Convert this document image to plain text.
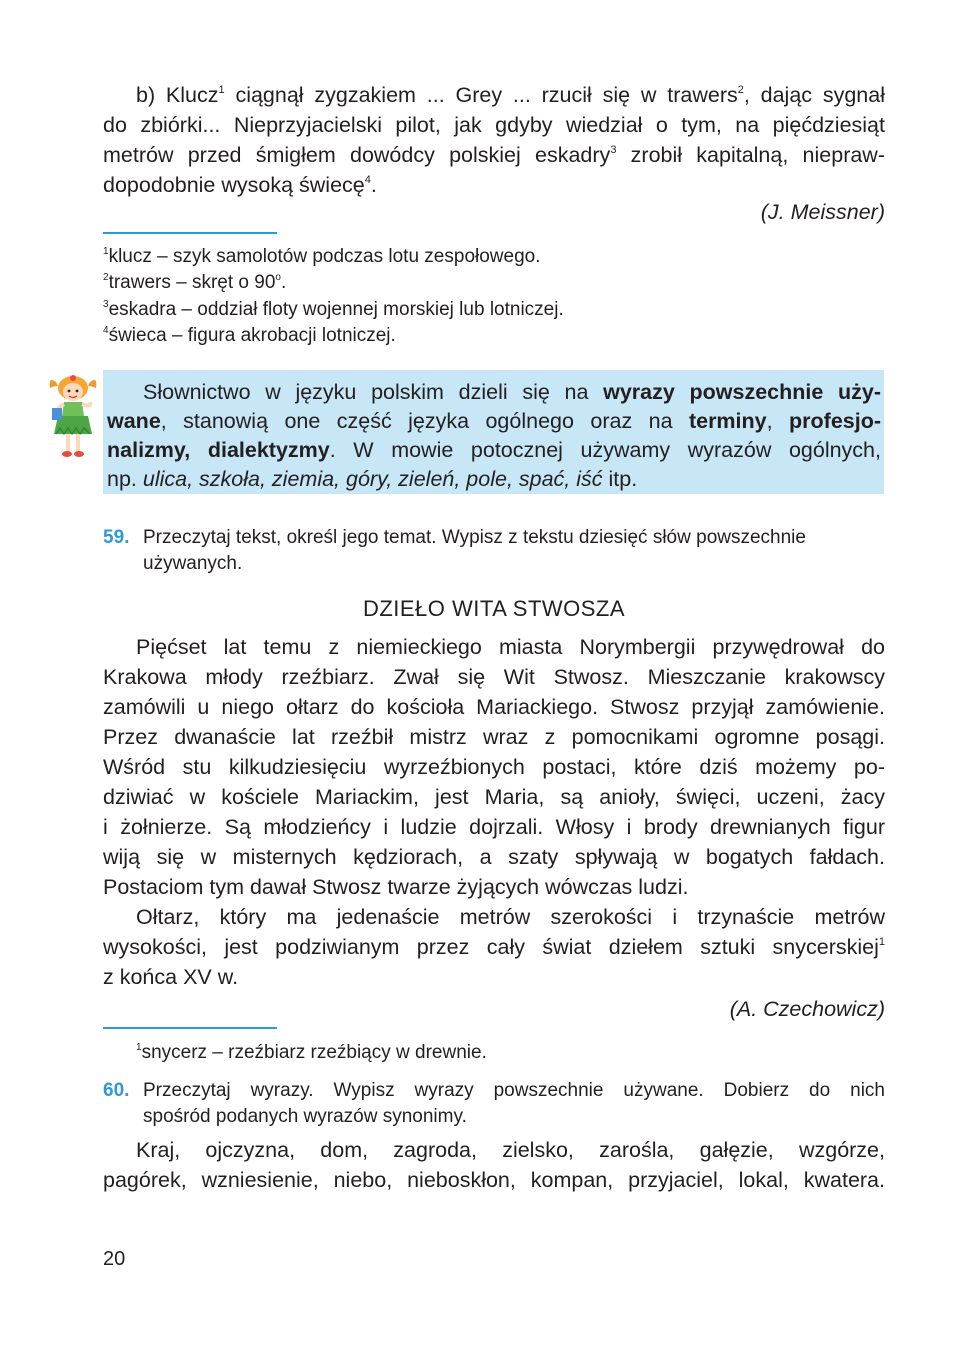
b) Klucz$^1$ ciągnął zygzakiem ... Grey ... rzucił się w trawers$^2$, dając sygnał
do zbiórki... Nieprzyjacielski pilot, jak gdyby wiedział o tym, na pięćdziesiąt
metrów przed śmigłem dowódcy polskiej eskadry$^3$ zrobił kapitalną, niepraw-
dopodobnie wysoką świecę$^4$.
(J. Meissner)
$^1$klucz – szyk samolotów podczas lotu zespołowego.
$^2$trawers – skręt o 90$^o$.
$^3$eskadra – oddział floty wojennej morskiej lub lotniczej.
$^4$świeca – figura akrobacji lotniczej.
Słownictwo w języku polskim dzieli się na wyrazy powszechnie uży-
wane, stanowią one część języka ogólnego oraz na terminy, profesjo-
nalizmy, dialektyzmy. W mowie potocznej używamy wyrazów ogólnych,
np. ulica, szkoła, ziemia, góry, zieleń, pole, spać, iść itp.
59. Przeczytaj tekst, określ jego temat. Wypisz z tekstu dziesięć słów powszechnie
używanych.
DZIEŁO WITA STWOSZA
Pięćset lat temu z niemieckiego miasta Norymbergii przywędrował do
Krakowa młody rzeźbiarz. Zwał się Wit Stwosz. Mieszczanie krakowscy
zamówili u niego ołtarz do kościoła Mariackiego. Stwosz przyjął zamówienie.
Przez dwanaście lat rzeźbił mistrz wraz z pomocnikami ogromne posągi.
Wśród stu kilkudziesięciu wyrzeźbionych postaci, które dziś możemy po-
dziwiać w kościele Mariackim, jest Maria, są anioły, święci, uczeni, żacy
i żołnierze. Są młodzieńcy i ludzie dojrzali. Włosy i brody drewnianych figur
wiją się w misternych kędziorach, a szaty spływają w bogatych fałdach.
Postaciom tym dawał Stwosz twarze żyjących wówczas ludzi.
Ołtarz, który ma jedenaście metrów szerokości i trzynaście metrów
wysokości, jest podziwianym przez cały świat dziełem sztuki snycerskiej$^1$
z końca XV w.
(A. Czechowicz)
$^1$snycerz – rzeźbiarz rzeźbiący w drewnie.
60. Przeczytaj wyrazy. Wypisz wyrazy powszechnie używane. Dobierz do nich
spośród podanych wyrazów synonimy.
Kraj, ojczyzna, dom, zagroda, zielsko, zarośla, gałęzie, wzgórze,
pagórek, wzniesienie, niebo, nieboskłon, kompan, przyjaciel, lokal, kwatera.
20
